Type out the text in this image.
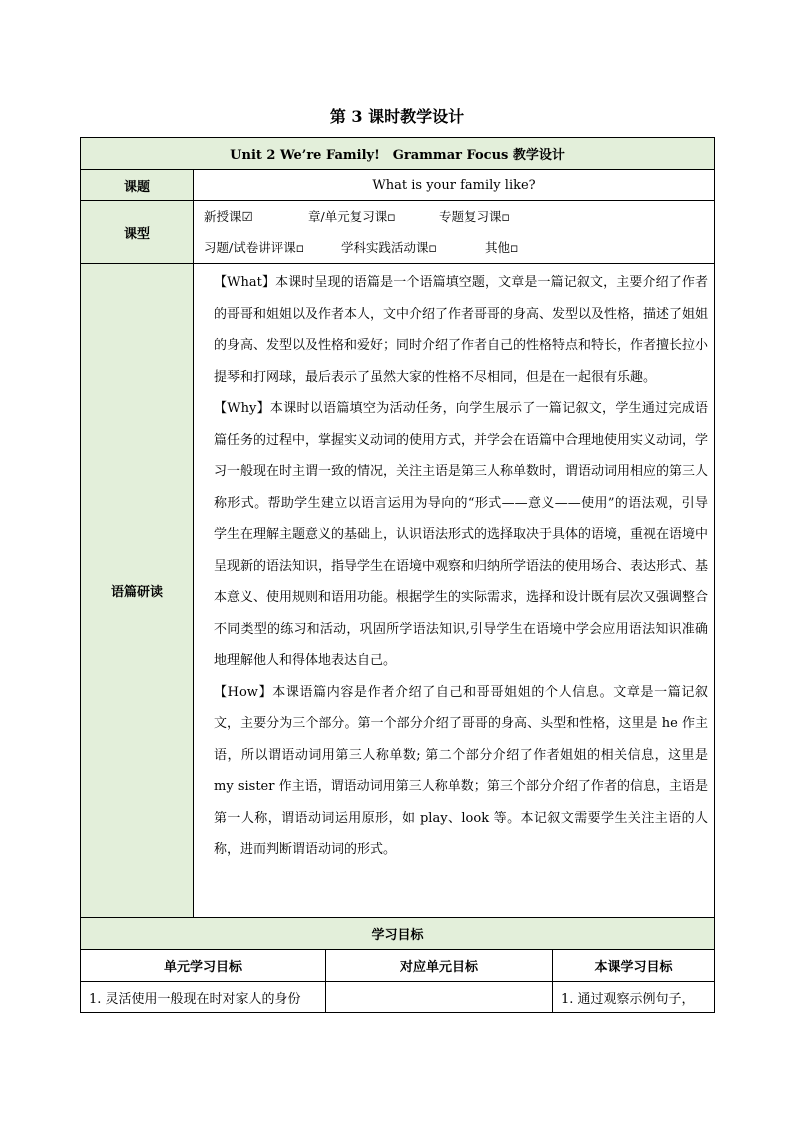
第 3 课时教学设计
Unit 2 We’re Family!　Grammar Focus 教学设计			
课题	What is your family like?		
课型	新授课☑ 章/单元复习课▫ 专题复习课▫
习题/试卷讲评课▫ 学科实践活动课▫ 其他▫		

语篇研读	【What】本课时呈现的语篇是一个语篇填空题，文章是一篇记叙文，主要介绍了作者的哥哥和姐姐以及作者本人，文中介绍了作者哥哥的身高、发型以及性格，描述了姐姐的身高、发型以及性格和爱好；同时介绍了作者自己的性格特点和特长，作者擅长拉小提琴和打网球，最后表示了虽然大家的性格不尽相同，但是在一起很有乐趣。

【Why】本课时以语篇填空为活动任务，向学生展示了一篇记叙文，学生通过完成语篇任务的过程中，掌握实义动词的使用方式，并学会在语篇中合理地使用实义动词，学习一般现在时主谓一致的情况，关注主语是第三人称单数时，谓语动词用相应的第三人称形式。帮助学生建立以语言运用为导向的“形式——意义——使用”的语法观，引导学生在理解主题意义的基础上，认识语法形式的选择取决于具体的语境，重视在语境中呈现新的语法知识，指导学生在语境中观察和归纳所学语法的使用场合、表达形式、基本意义、使用规则和语用功能。根据学生的实际需求，选择和设计既有层次又强调整合不同类型的练习和活动，巩固所学语法知识,引导学生在语境中学会应用语法知识准确地理解他人和得体地表达自己。

【How】本课语篇内容是作者介绍了自己和哥哥姐姐的个人信息。文章是一篇记叙文，主要分为三个部分。第一个部分介绍了哥哥的身高、头型和性格，这里是 he 作主语，所以谓语动词用第三人称单数; 第二个部分介绍了作者姐姐的相关信息，这里是 my sister 作主语，谓语动词用第三人称单数；第三个部分介绍了作者的信息，主语是第一人称，谓语动词运用原形，如 play、look 等。本记叙文需要学生关注主语的人称，进而判断谓语动词的形式。		

学习目标			
单元学习目标		对应单元目标	本课学习目标
1. 灵活使用一般现在时对家人的身份			1. 通过观察示例句子，
